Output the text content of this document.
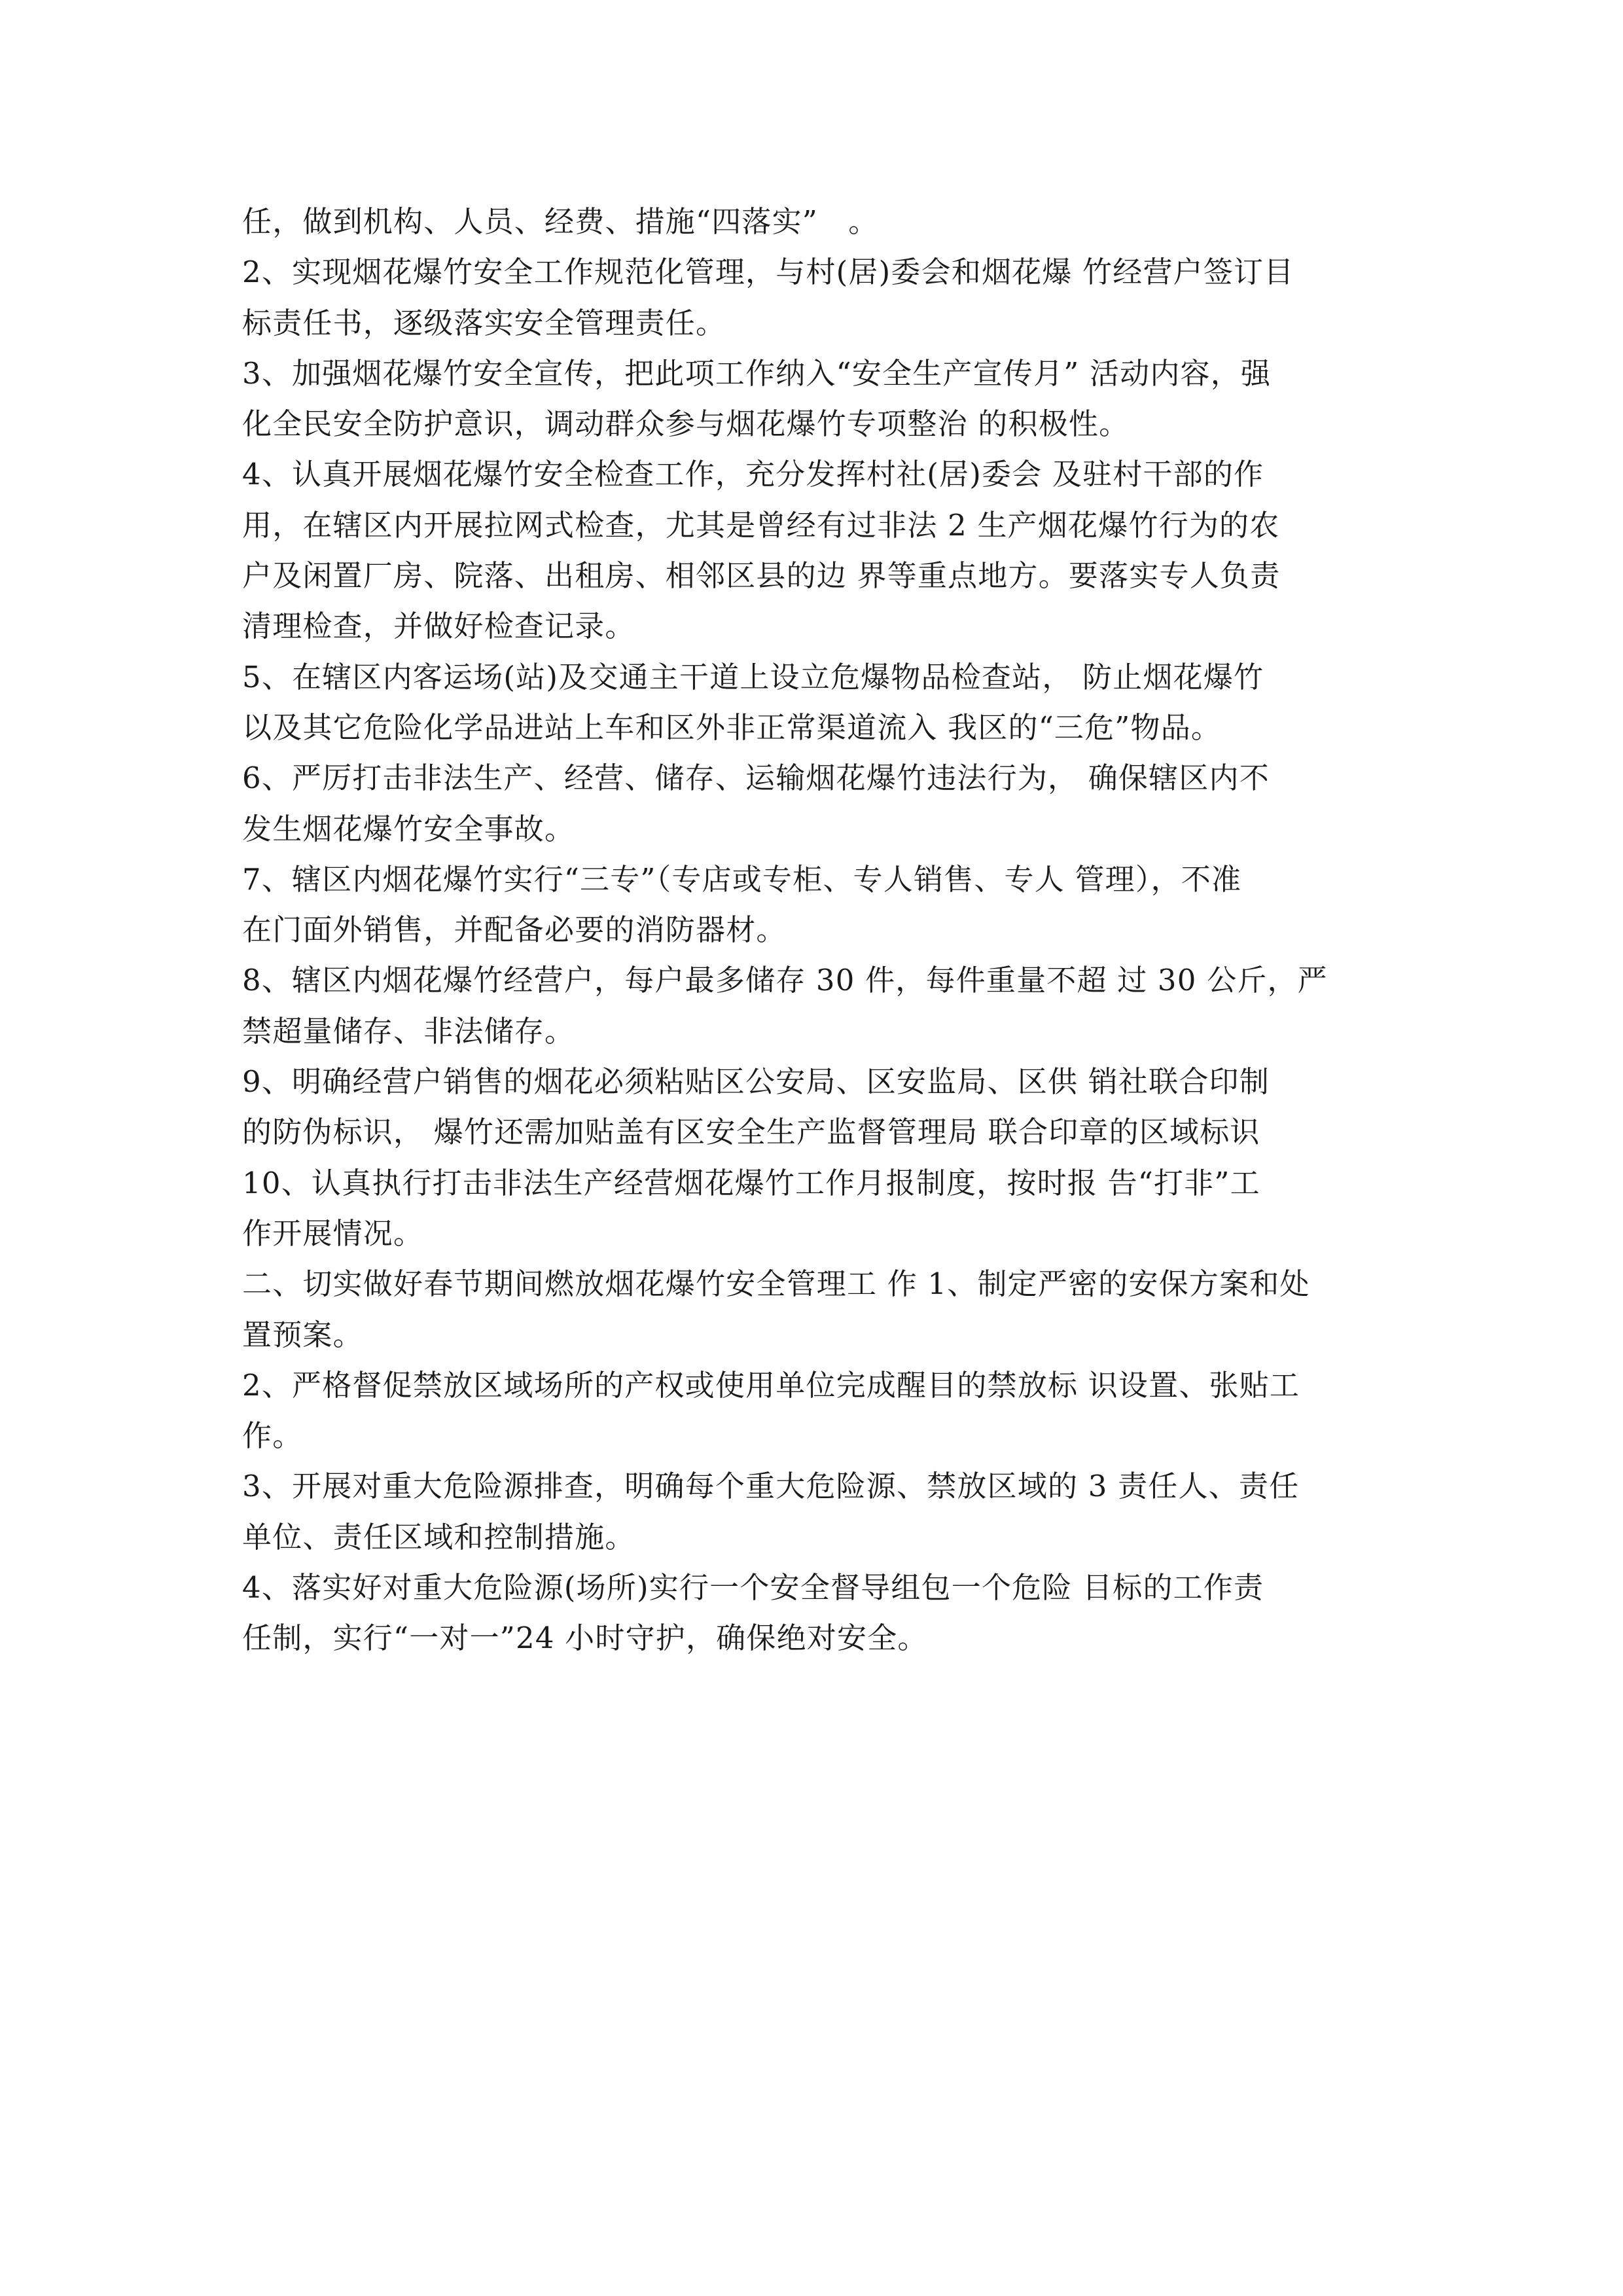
任，做到机构、人员、经费、措施“四落实”　。
2、实现烟花爆竹安全工作规范化管理，与村(居)委会和烟花爆 竹经营户签订目
标责任书，逐级落实安全管理责任。
3、加强烟花爆竹安全宣传，把此项工作纳入“安全生产宣传月” 活动内容，强
化全民安全防护意识，调动群众参与烟花爆竹专项整治 的积极性。
4、认真开展烟花爆竹安全检查工作，充分发挥村社(居)委会 及驻村干部的作
用，在辖区内开展拉网式检查，尤其是曾经有过非法 2 生产烟花爆竹行为的农
户及闲置厂房、院落、出租房、相邻区县的边 界等重点地方。要落实专人负责
清理检查，并做好检查记录。
5、在辖区内客运场(站)及交通主干道上设立危爆物品检查站， 防止烟花爆竹
以及其它危险化学品进站上车和区外非正常渠道流入 我区的“三危”物品。
6、严厉打击非法生产、经营、储存、运输烟花爆竹违法行为， 确保辖区内不
发生烟花爆竹安全事故。
7、辖区内烟花爆竹实行“三专”（专店或专柜、专人销售、专人 管理），不准
在门面外销售，并配备必要的消防器材。
8、辖区内烟花爆竹经营户，每户最多储存 30 件，每件重量不超 过 30 公斤，严
禁超量储存、非法储存。
9、明确经营户销售的烟花必须粘贴区公安局、区安监局、区供 销社联合印制
的防伪标识， 爆竹还需加贴盖有区安全生产监督管理局 联合印章的区域标识
10、认真执行打击非法生产经营烟花爆竹工作月报制度，按时报 告“打非”工
作开展情况。
二、切实做好春节期间燃放烟花爆竹安全管理工 作 1、制定严密的安保方案和处
置预案。
2、严格督促禁放区域场所的产权或使用单位完成醒目的禁放标 识设置、张贴工
作。
3、开展对重大危险源排查，明确每个重大危险源、禁放区域的 3 责任人、责任
单位、责任区域和控制措施。
4、落实好对重大危险源(场所)实行一个安全督导组包一个危险 目标的工作责
任制，实行“一对一”24 小时守护，确保绝对安全。
